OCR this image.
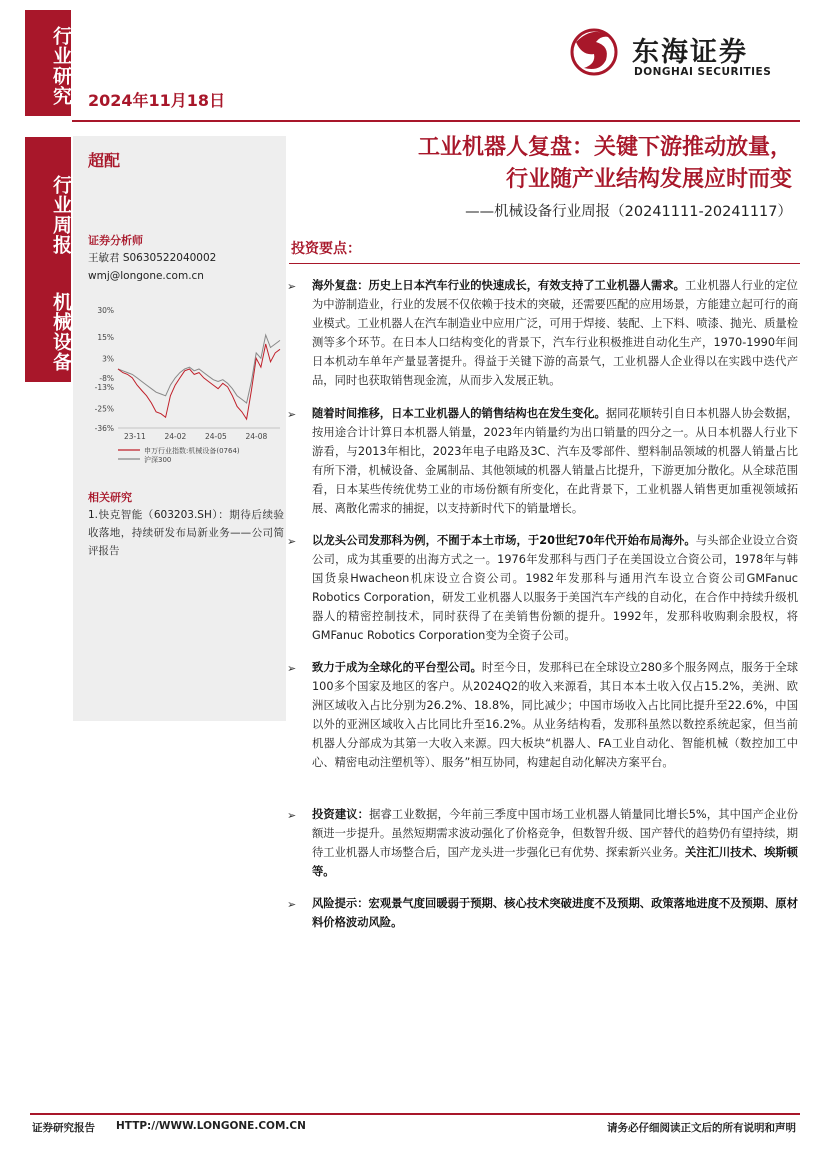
行业研究
行业周报
机械设备
2024年11月18日
东海证券
DONGHAI SECURITIES
超配
证券分析师
王敏君 S0630522040002
wmj@longone.com.cn
30%
15%
3%
-8%
-13%
-25%
-36%
23-11 24-02 24-05 24-08
申万行业指数:机械设备(0764)
沪深300
相关研究
1.快克智能（603203.SH）：期待后续验收落地，持续研发布局新业务——公司简评报告
工业机器人复盘：关键下游推动放量，
行业随产业结构发展应时而变
——机械设备行业周报（20241111-20241117）
投资要点：
➢ 海外复盘：历史上日本汽车行业的快速成长，有效支持了工业机器人需求。工业机器人行业的定位为中游制造业，行业的发展不仅依赖于技术的突破，还需要匹配的应用场景，方能建立起可行的商业模式。工业机器人在汽车制造业中应用广泛，可用于焊接、装配、上下料、喷漆、抛光、质量检测等多个环节。在日本人口结构变化的背景下，汽车行业积极推进自动化生产，1970-1990年间日本机动车单年产量显著提升。得益于关键下游的高景气，工业机器人企业得以在实践中迭代产品，同时也获取销售现金流，从而步入发展正轨。
➢ 随着时间推移，日本工业机器人的销售结构也在发生变化。据同花顺转引自日本机器人协会数据，按用途合计计算日本机器人销量，2023年内销量约为出口销量的四分之一。从日本机器人行业下游看，与2013年相比，2023年电子电路及3C、汽车及零部件、塑料制品领域的机器人销量占比有所下滑，机械设备、金属制品、其他领域的机器人销量占比提升，下游更加分散化。从全球范围看，日本某些传统优势工业的市场份额有所变化，在此背景下，工业机器人销售更加重视领域拓展、离散化需求的捕捉，以支持新时代下的销量增长。
➢ 以龙头公司发那科为例，不囿于本土市场，于20世纪70年代开始布局海外。与头部企业设立合资公司，成为其重要的出海方式之一。1976年发那科与西门子在美国设立合资公司，1978年与韩国货泉Hwacheon机床设立合资公司。1982年发那科与通用汽车设立合资公司GMFanuc Robotics Corporation，研发工业机器人以服务于美国汽车产线的自动化，在合作中持续升级机器人的精密控制技术，同时获得了在美销售份额的提升。1992年，发那科收购剩余股权，将GMFanuc Robotics Corporation变为全资子公司。
➢ 致力于成为全球化的平台型公司。时至今日，发那科已在全球设立280多个服务网点，服务于全球100多个国家及地区的客户。从2024Q2的收入来源看，其日本本土收入仅占15.2%，美洲、欧洲区域收入占比分别为26.2%、18.8%，同比减少；中国市场收入占比同比提升至22.6%，中国以外的亚洲区域收入占比同比升至16.2%。从业务结构看，发那科虽然以数控系统起家，但当前机器人分部成为其第一大收入来源。四大板块“机器人、FA工业自动化、智能机械（数控加工中心、精密电动注塑机等）、服务”相互协同，构建起自动化解决方案平台。
➢ 投资建议：据睿工业数据，今年前三季度中国市场工业机器人销量同比增长5%，其中国产企业份额进一步提升。虽然短期需求波动强化了价格竞争，但数智升级、国产替代的趋势仍有望持续，期待工业机器人市场整合后，国产龙头进一步强化已有优势、探索新兴业务。关注汇川技术、埃斯顿等。
➢ 风险提示：宏观景气度回暖弱于预期、核心技术突破进度不及预期、政策落地进度不及预期、原材料价格波动风险。
证券研究报告 HTTP://WWW.LONGONE.COM.CN	请务必仔细阅读正文后的所有说明和声明
